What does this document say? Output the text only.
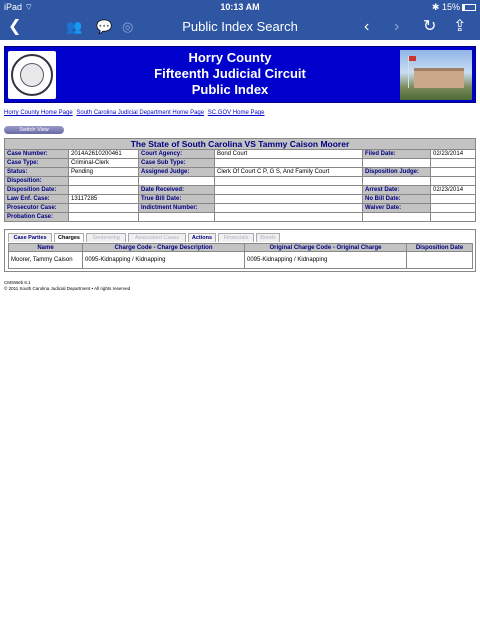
iPad ⌔	10:13 AM	✱ 15%
❮	👥 💬 ◎	Public Index Search	‹ › ↻ ⇪
Horry County
Fifteenth Judicial Circuit
Public Index
Horry County Home Page South Carolina Judicial Department Home Page SC.GOV Home Page
Switch View
The State of South Carolina VS Tammy Caison Moorer					
Case Number:	2014A2610200461	Court Agency:	Bond Court	Filed Date:	02/23/2014
Case Type:	Criminal-Clerk	Case Sub Type:			
Status:	Pending	Assigned Judge:	Clerk Of Court C P, G S, And Family Court	Disposition Judge:	
Disposition:					
Disposition Date:		Date Received:		Arrest Date:	02/23/2014
Law Enf. Case:	13117285	True Bill Date:		No Bill Date:	
Prosecutor Case:		Indictment Number:		Waiver Date:	
Probation Case:					
Case Parties	Charges	Sentencing	Associated Cases	Actions	Financials	Bonds
Name	Charge Code - Charge Description	Original Charge Code - Original Charge	Disposition Date
Moorer, Tammy Caison	0095-Kidnapping / Kidnapping	0095-Kidnapping / Kidnapping	
CMSWeb 6.1
© 2011 South Carolina Judicial Department • All rights reserved
